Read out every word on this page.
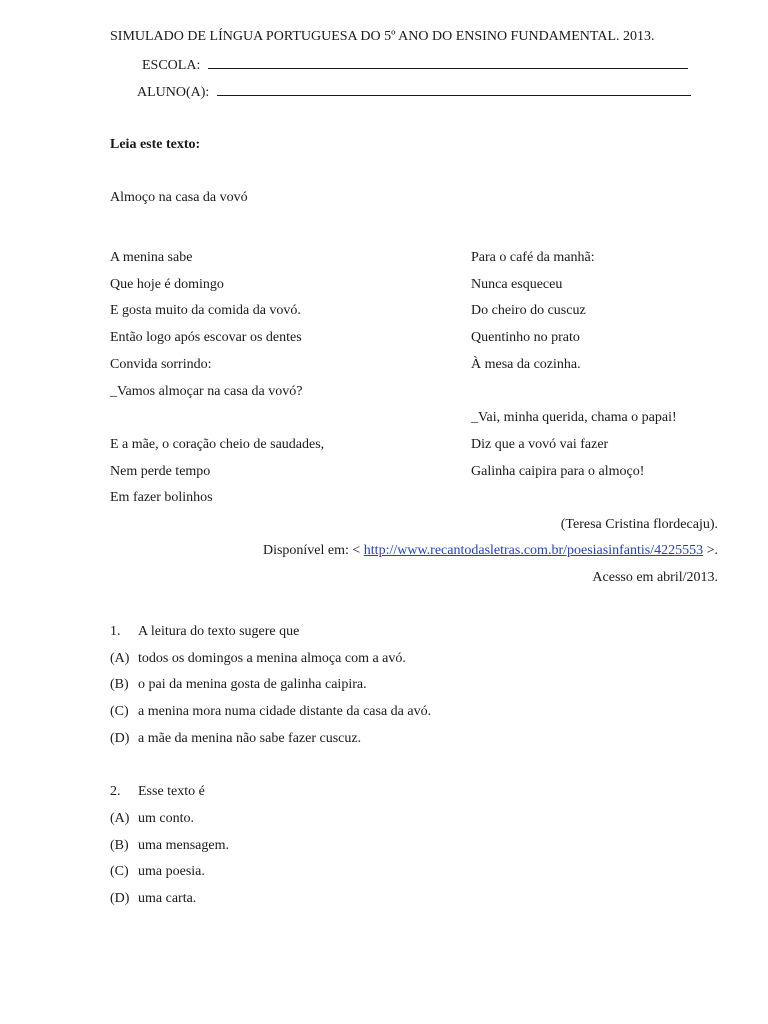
SIMULADO DE LÍNGUA PORTUGUESA DO 5º ANO DO ENSINO FUNDAMENTAL. 2013.
ESCOLA:
ALUNO(A):
Leia este texto:
Almoço na casa da vovó
A menina sabe
Que hoje é domingo
E gosta muito da comida da vovó.
Então logo após escovar os dentes
Convida sorrindo:
_Vamos almoçar na casa da vovó?
E a mãe, o coração cheio de saudades,
Nem perde tempo
Em fazer bolinhos
Para o café da manhã:
Nunca esqueceu
Do cheiro do cuscuz
Quentinho no prato
À mesa da cozinha.
_Vai, minha querida, chama o papai!
Diz que a vovó vai fazer
Galinha caipira para o almoço!
(Teresa Cristina flordecaju).
Disponível em: < http://www.recantodasletras.com.br/poesiasinfantis/4225553 >.
Acesso em abril/2013.
1. A leitura do texto sugere que
(A) todos os domingos a menina almoça com a avó.
(B) o pai da menina gosta de galinha caipira.
(C) a menina mora numa cidade distante da casa da avó.
(D) a mãe da menina não sabe fazer cuscuz.
2. Esse texto é
(A) um conto.
(B) uma mensagem.
(C) uma poesia.
(D) uma carta.
